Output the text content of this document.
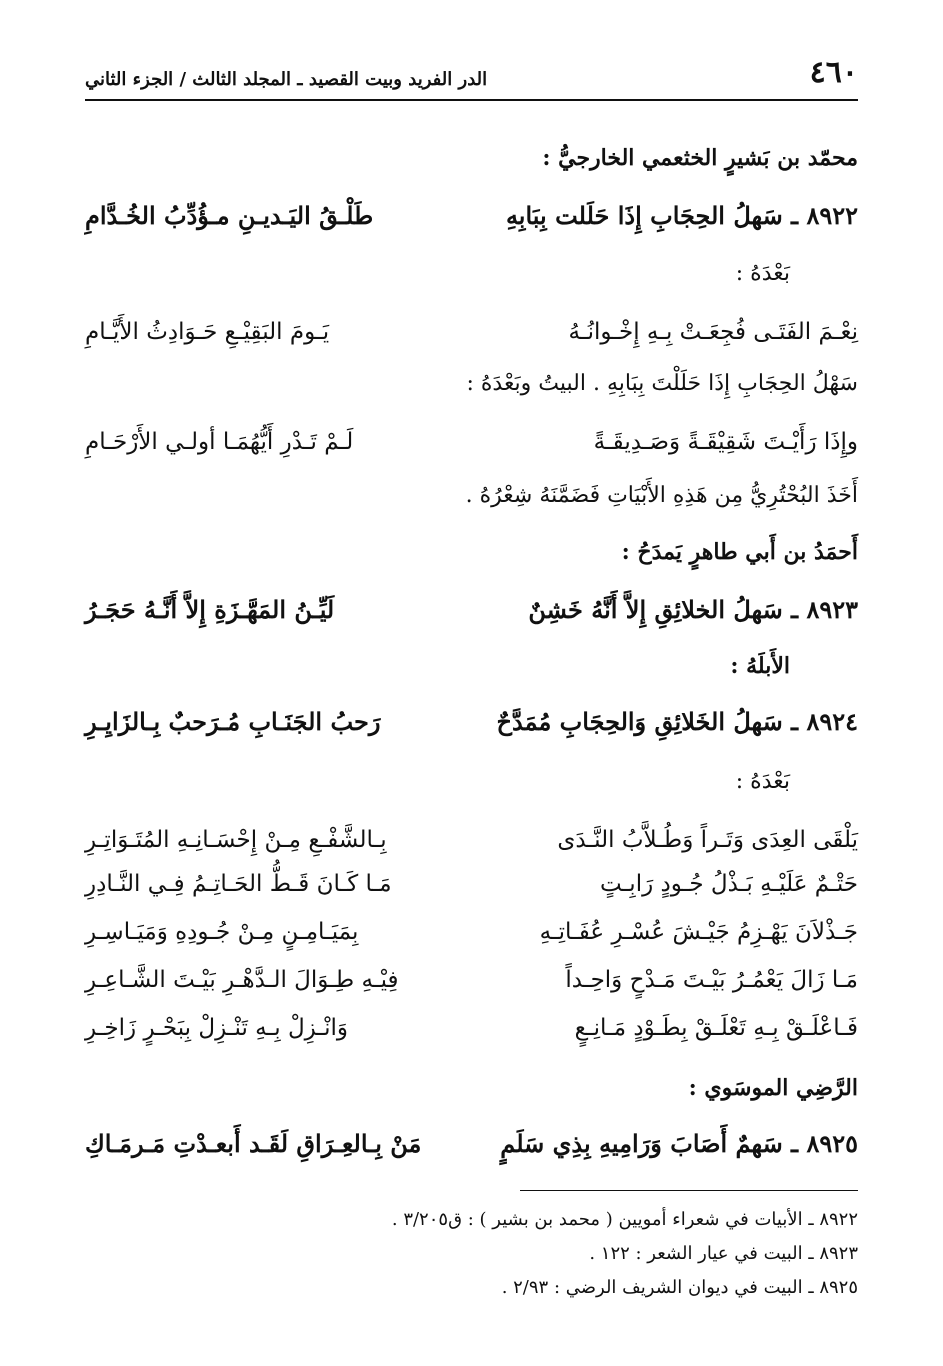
٤٦٠
الدر الفريد وبيت القصيد ـ المجلد الثالث / الجزء الثاني
محمّد بن بَشيرٍ الخثعمي الخارجيُّ :
٨٩٢٢ ـ سَهلُ الحِجَابِ إِذَا حَلَلت بِبَابِهِ
طَلْـقُ اليَـديـنِ مـؤُدِّبُ الخُـدَّامِ
بَعْدَهُ :
نِعْـمَ الفَتَـى فُجِعَـتْ بِـهِ إِخْـوانُـهُ
يَـومَ البَقِيْـعِ حَـوَادِثُ الأَيَّـامِ
سَهْلُ الحِجَابِ إِذَا حَلَلْتَ بِبَابِهِ . البيتُ وبَعْدَهُ :
وإِذَا رَأَيْـتَ شَقِيْقَـةً وَصَـدِيقَـةً
لَـمْ تَـدْرِ أَيُّهُمَـا أولـي الأَرْحَـامِ
أَخَذَ البُحْتُرِيُّ مِن هَذِهِ الأَبْيَاتِ فَضَمَّنَهُ شِعْرُهُ .
أَحمَدُ بن أَبي طاهرٍ يَمدَحُ :
٨٩٢٣ ـ سَهلُ الخلائِقِ إِلاَّ أَنَّهُ خَشِنٌ
لَيِّـنُ المَهَّـزَةِ إِلاَّ أَنَّـهُ حَجَـرُ
الأَبلَهُ :
٨٩٢٤ ـ سَهلُ الخَلائِقِ وَالحِجَابِ مُمَدَّحٌ
رَحبُ الجَنَـابِ مُـرَحبٌ بِـالزَايِـرِ
بَعْدَهُ :
يَلْقَى العِدَى وَتَـراً وَطُـلاَّبُ النَّـدَى
بِـالشَّفْـعِ مِـنْ إِحْسَـانِـهِ المُتَـوَاتِـرِ
حَتْـمٌ عَلَيْـهِ بَـذْلُ جُـودٍ رَابِـتٍ
مَـا كَـانَ قَـطُّ الحَـاتِـمُ فِـي النَّـادِرِ
جَـذْلاَنَ يَهْـزِمُ جَيْـشَ عُسْـرِ عُفَـاتِـهِ
بِمَيَـامِـنٍ مِـنْ جُـودِهِ وَمَيَـاسِـرِ
مَـا زَالَ يَعْمُـرُ بَيْـتَ مَـدْحٍ وَاحِـداً
فِيْـهِ طِـوَالَ الـدَّهْـرِ بَيْـتَ الشَّـاعِـرِ
فَـاعْلَـقْ بِـهِ تَعْلَـقْ بِطَـوْدٍ مَـانِـعٍ
وَانْـزِلْ بِـهِ تَنْـزِلْ بِبَحْـرٍ زَاخِـرِ
الرَّضِي الموسَوي :
٨٩٢٥ ـ سَهمٌ أَصَابَ وَرَامِيهِ بِذِي سَلَمٍ
مَنْ بِـالعِـرَاقِ لَقَـد أَبعـدْتِ مَـرمَـاكِ
٨٩٢٢ ـ الأبيات في شعراء أمويين ( محمد بن بشير ) : ق٣/٢٠٥ .
٨٩٢٣ ـ البيت في عيار الشعر : ١٢٢ .
٨٩٢٥ ـ البيت في ديوان الشريف الرضي : ٢/٩٣ .
